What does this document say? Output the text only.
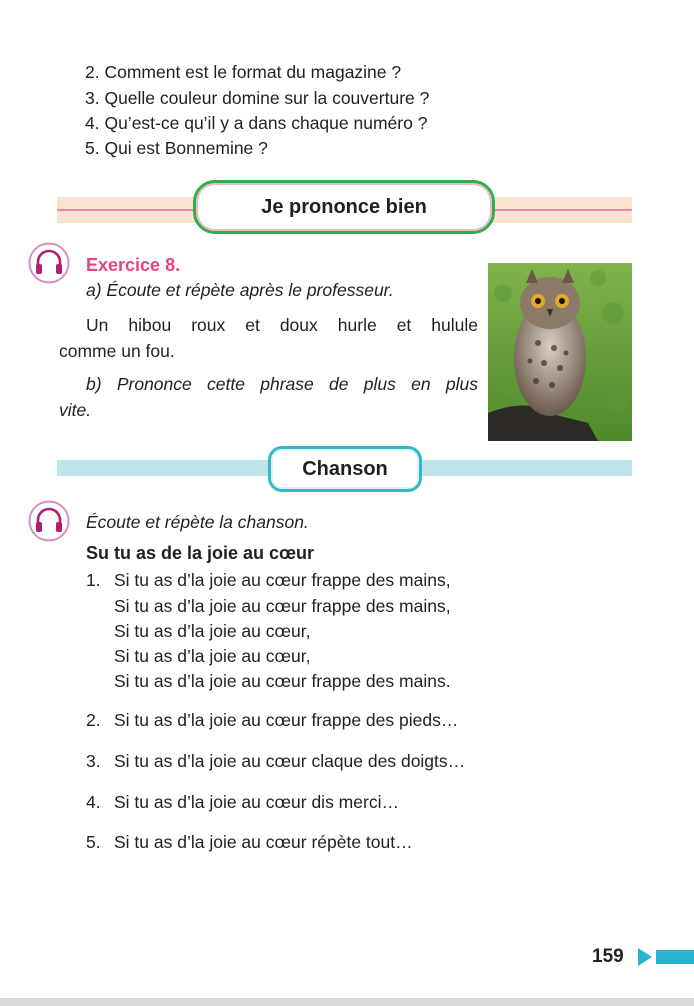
2. Comment est le format du magazine ?
3. Quelle couleur domine sur la couverture ?
4. Qu’est-ce qu’il y a dans chaque numéro ?
5. Qui est Bonnemine ?
Je prononce bien
Exercice 8.
a) Écoute et répète après le professeur.
Un hibou roux et doux hurle et hulule
comme un fou.
b) Prononce cette phrase de plus en plus
vite.
Chanson
Écoute et répète la chanson.
Su tu as de la joie au cœur
1. Si tu as d’la joie au cœur frappe des mains,
Si tu as d’la joie au cœur frappe des mains,
Si tu as d’la joie au cœur,
Si tu as d’la joie au cœur,
Si tu as d’la joie au cœur frappe des mains.
2. Si tu as d’la joie au cœur frappe des pieds…
3. Si tu as d’la joie au cœur claque des doigts…
4. Si tu as d’la joie au cœur dis merci…
5. Si tu as d’la joie au cœur répète tout…
159
